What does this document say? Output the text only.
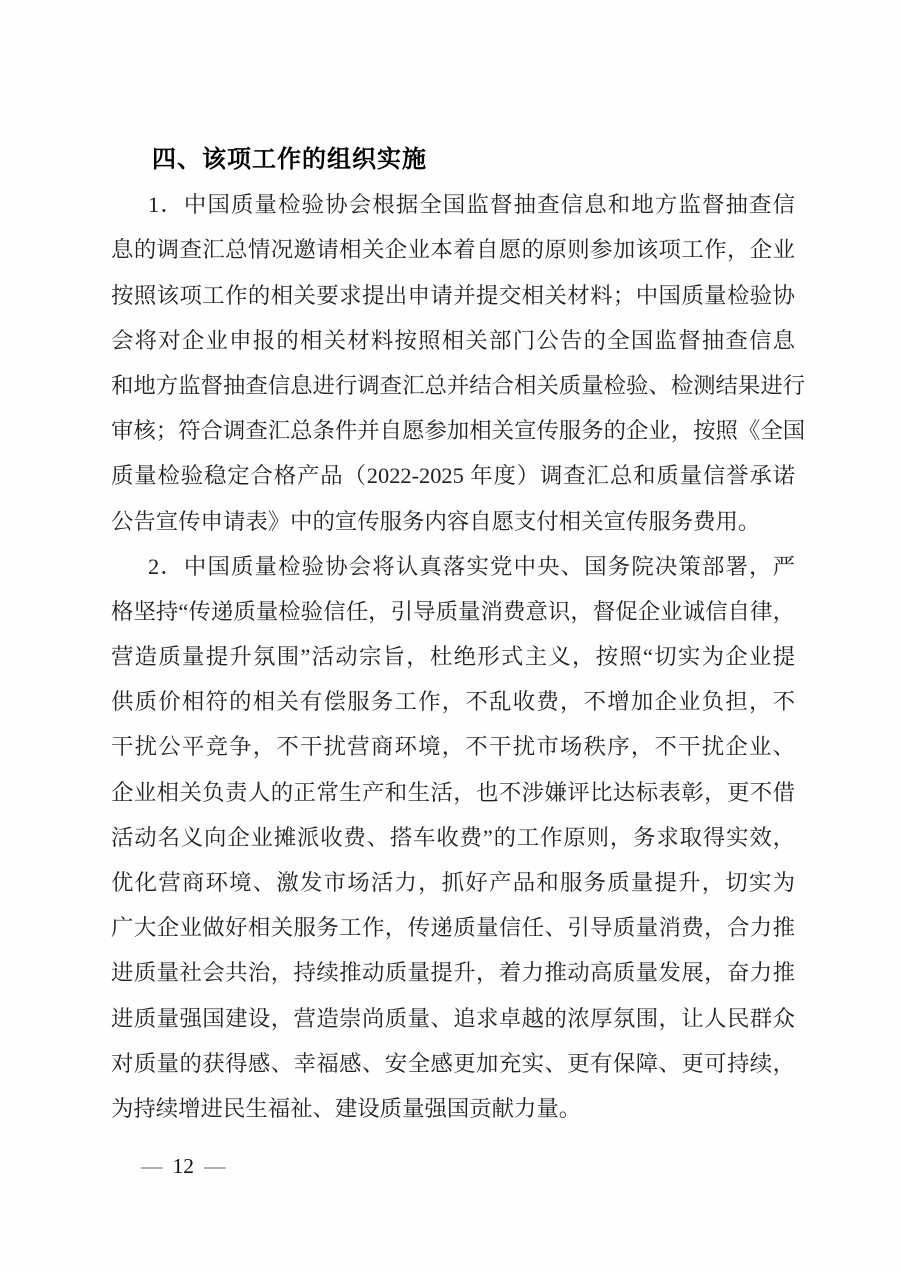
四、该项工作的组织实施
1．中国质量检验协会根据全国监督抽查信息和地方监督抽查信
息的调查汇总情况邀请相关企业本着自愿的原则参加该项工作，企业
按照该项工作的相关要求提出申请并提交相关材料；中国质量检验协
会将对企业申报的相关材料按照相关部门公告的全国监督抽查信息
和地方监督抽查信息进行调查汇总并结合相关质量检验、检测结果进行
审核；符合调查汇总条件并自愿参加相关宣传服务的企业，按照《全国
质量检验稳定合格产品（2022-2025 年度）调查汇总和质量信誉承诺
公告宣传申请表》中的宣传服务内容自愿支付相关宣传服务费用。
2．中国质量检验协会将认真落实党中央、国务院决策部署，严
格坚持“传递质量检验信任，引导质量消费意识，督促企业诚信自律，
营造质量提升氛围”活动宗旨，杜绝形式主义，按照“切实为企业提
供质价相符的相关有偿服务工作，不乱收费，不增加企业负担，不
干扰公平竞争，不干扰营商环境，不干扰市场秩序，不干扰企业、
企业相关负责人的正常生产和生活，也不涉嫌评比达标表彰，更不借
活动名义向企业摊派收费、搭车收费”的工作原则，务求取得实效，
优化营商环境、激发市场活力，抓好产品和服务质量提升，切实为
广大企业做好相关服务工作，传递质量信任、引导质量消费，合力推
进质量社会共治，持续推动质量提升，着力推动高质量发展，奋力推
进质量强国建设，营造崇尚质量、追求卓越的浓厚氛围，让人民群众
对质量的获得感、幸福感、安全感更加充实、更有保障、更可持续，
为持续增进民生福祉、建设质量强国贡献力量。
— 12 —
